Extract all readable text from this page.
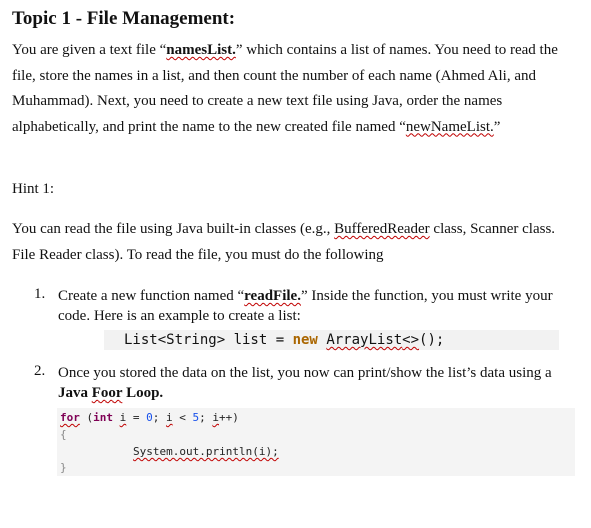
Topic 1 - File Management:
You are given a text file “namesList.” which contains a list of names. You need to read the file, store the names in a list, and then count the number of each name (Ahmed Ali, and Muhammad). Next, you need to create a new text file using Java, order the names alphabetically, and print the name to the new created file named “newNameList.”
Hint 1:
You can read the file using Java built-in classes (e.g., BufferedReader class, Scanner class. File Reader class). To read the file, you must do the following
1. Create a new function named “readFile.” Inside the function, you must write your code. Here is an example to create a list:
List<String> list = new ArrayList<>();
2. Once you stored the data on the list, you now can print/show the list’s data using a Java Foor Loop.
for (int i = 0; i < 5; i++)
{
System.out.println(i);
}
